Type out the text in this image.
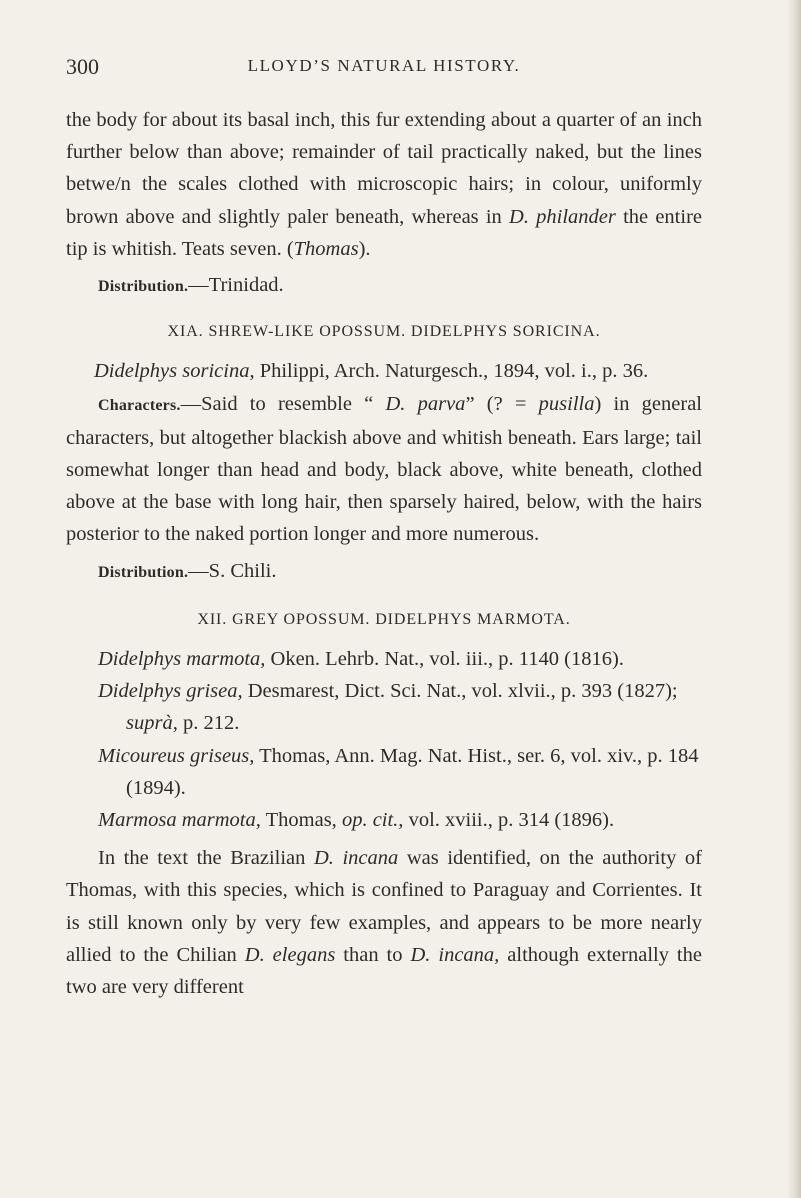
300	LLOYD’S NATURAL HISTORY.

the body for about its basal inch, this fur extending about a quarter of an inch further below than above; remainder of tail practically naked, but the lines betwe/n the scales clothed with microscopic hairs; in colour, uniformly brown above and slightly paler beneath, whereas in D. philander the entire tip is whitish. Teats seven. (Thomas).

Distribution.—Trinidad.

XIA. SHREW-LIKE OPOSSUM. DIDELPHYS SORICINA.

Didelphys soricina, Philippi, Arch. Naturgesch., 1894, vol. i., p. 36.

Characters.—Said to resemble “ D. parva” (? = pusilla) in general characters, but altogether blackish above and whitish beneath. Ears large; tail somewhat longer than head and body, black above, white beneath, clothed above at the base with long hair, then sparsely haired, below, with the hairs posterior to the naked portion longer and more numerous.

Distribution.—S. Chili.

XII. GREY OPOSSUM. DIDELPHYS MARMOTA.

Didelphys marmota, Oken. Lehrb. Nat., vol. iii., p. 1140 (1816).

Didelphys grisea, Desmarest, Dict. Sci. Nat., vol. xlvii., p. 393 (1827); suprà, p. 212.

Micoureus griseus, Thomas, Ann. Mag. Nat. Hist., ser. 6, vol. xiv., p. 184 (1894).

Marmosa marmota, Thomas, op. cit., vol. xviii., p. 314 (1896).

In the text the Brazilian D. incana was identified, on the authority of Thomas, with this species, which is confined to Paraguay and Corrientes. It is still known only by very few examples, and appears to be more nearly allied to the Chilian D. elegans than to D. incana, although externally the two are very different
